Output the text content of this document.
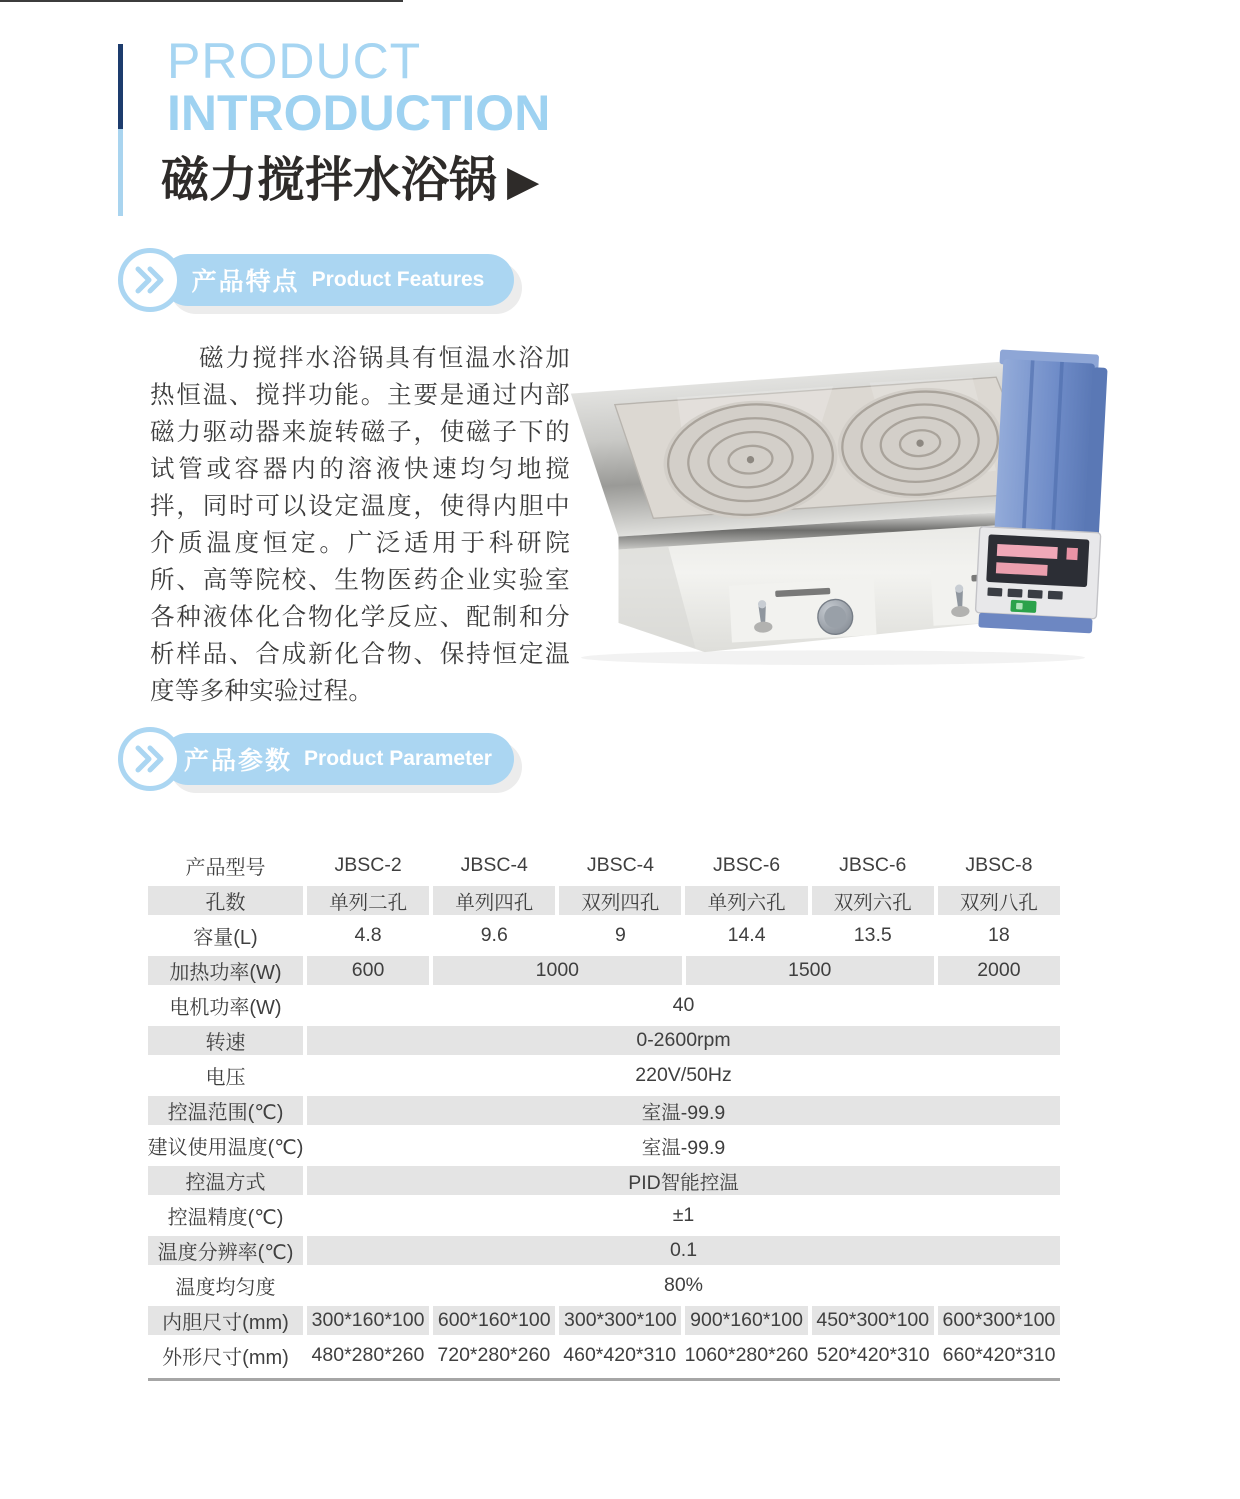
PRODUCT
INTRODUCTION
磁力搅拌水浴锅 ▶
产品特点 Product Features
磁力搅拌水浴锅具有恒温水浴加热恒温、搅拌功能。主要是通过内部磁力驱动器来旋转磁子，使磁子下的试管或容器内的溶液快速均匀地搅拌，同时可以设定温度，使得内胆中介质温度恒定。广泛适用于科研院所、高等院校、生物医药企业实验室各种液体化合物化学反应、配制和分析样品、合成新化合物、保持恒定温度等多种实验过程。
产品参数 Product Parameter
产品型号	JBSC-2	JBSC-4	JBSC-4	JBSC-6	JBSC-6	JBSC-8
孔数	单列二孔	单列四孔	双列四孔	单列六孔	双列六孔	双列八孔
容量(L)	4.8	9.6	9	14.4	13.5	18
加热功率(W)	600	1000	1500	2000
电机功率(W)	40
转速	0-2600rpm
电压	220V/50Hz
控温范围(℃)	室温-99.9
建议使用温度(℃)	室温-99.9
控温方式	PID智能控温
控温精度(℃)	±1
温度分辨率(℃)	0.1
温度均匀度	80%
内胆尺寸(mm)	300*160*100 600*160*100 300*300*100 900*160*100 450*300*100 600*300*100
外形尺寸(mm)	480*280*260 720*280*260 460*420*310 1060*280*260 520*420*310 660*420*310
